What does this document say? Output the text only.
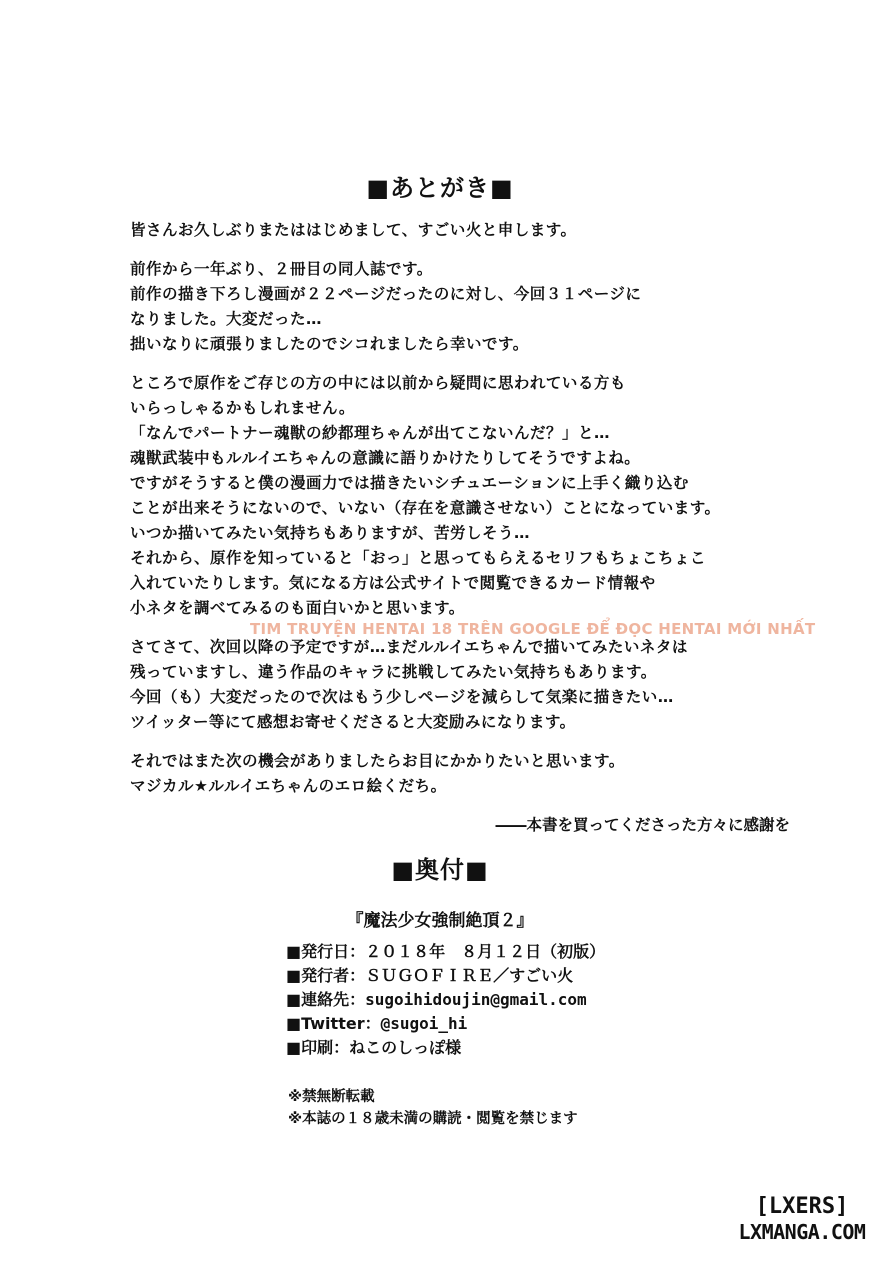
■あとがき■
皆さんお久しぶりまたははじめまして、すごい火と申します。
前作から一年ぶり、２冊目の同人誌です。
前作の描き下ろし漫画が２２ページだったのに対し、今回３１ページに
なりました。大変だった…
拙いなりに頑張りましたのでシコれましたら幸いです。
ところで原作をご存じの方の中には以前から疑問に思われている方も
いらっしゃるかもしれません。
「なんでパートナー魂獣の紗都理ちゃんが出てこないんだ？」と…
魂獣武装中もルルイエちゃんの意識に語りかけたりしてそうですよね。
ですがそうすると僕の漫画力では描きたいシチュエーションに上手く織り込む
ことが出来そうにないので、いない（存在を意識させない）ことになっています。
いつか描いてみたい気持ちもありますが、苦労しそう…
それから、原作を知っていると「おっ」と思ってもらえるセリフもちょこちょこ
入れていたりします。気になる方は公式サイトで閲覧できるカード情報や
小ネタを調べてみるのも面白いかと思います。
さてさて、次回以降の予定ですが…まだルルイエちゃんで描いてみたいネタは
残っていますし、違う作品のキャラに挑戦してみたい気持ちもあります。
今回（も）大変だったので次はもう少しページを減らして気楽に描きたい…
ツイッター等にて感想お寄せくださると大変励みになります。
それではまた次の機会がありましたらお目にかかりたいと思います。
マジカル★ルルイエちゃんのエロ絵くだち。
――本書を買ってくださった方々に感謝を
TIM TRUYỆN HENTAI 18 TRÊN GOOGLE ĐỂ ĐỌC HENTAI MỚI NHẤT
■奥付■
『魔法少女強制絶頂２』
■発行日：２０１８年　８月１２日（初版）
■発行者：ＳＵＧＯＦＩＲＥ／すごい火
■連絡先：sugoihidoujin@gmail.com
■Twitter：@sugoi_hi
■印刷：ねこのしっぽ様
※禁無断転載
※本誌の１８歳未満の購読・閲覧を禁じます
[LXERS]
LXMANGA.COM
